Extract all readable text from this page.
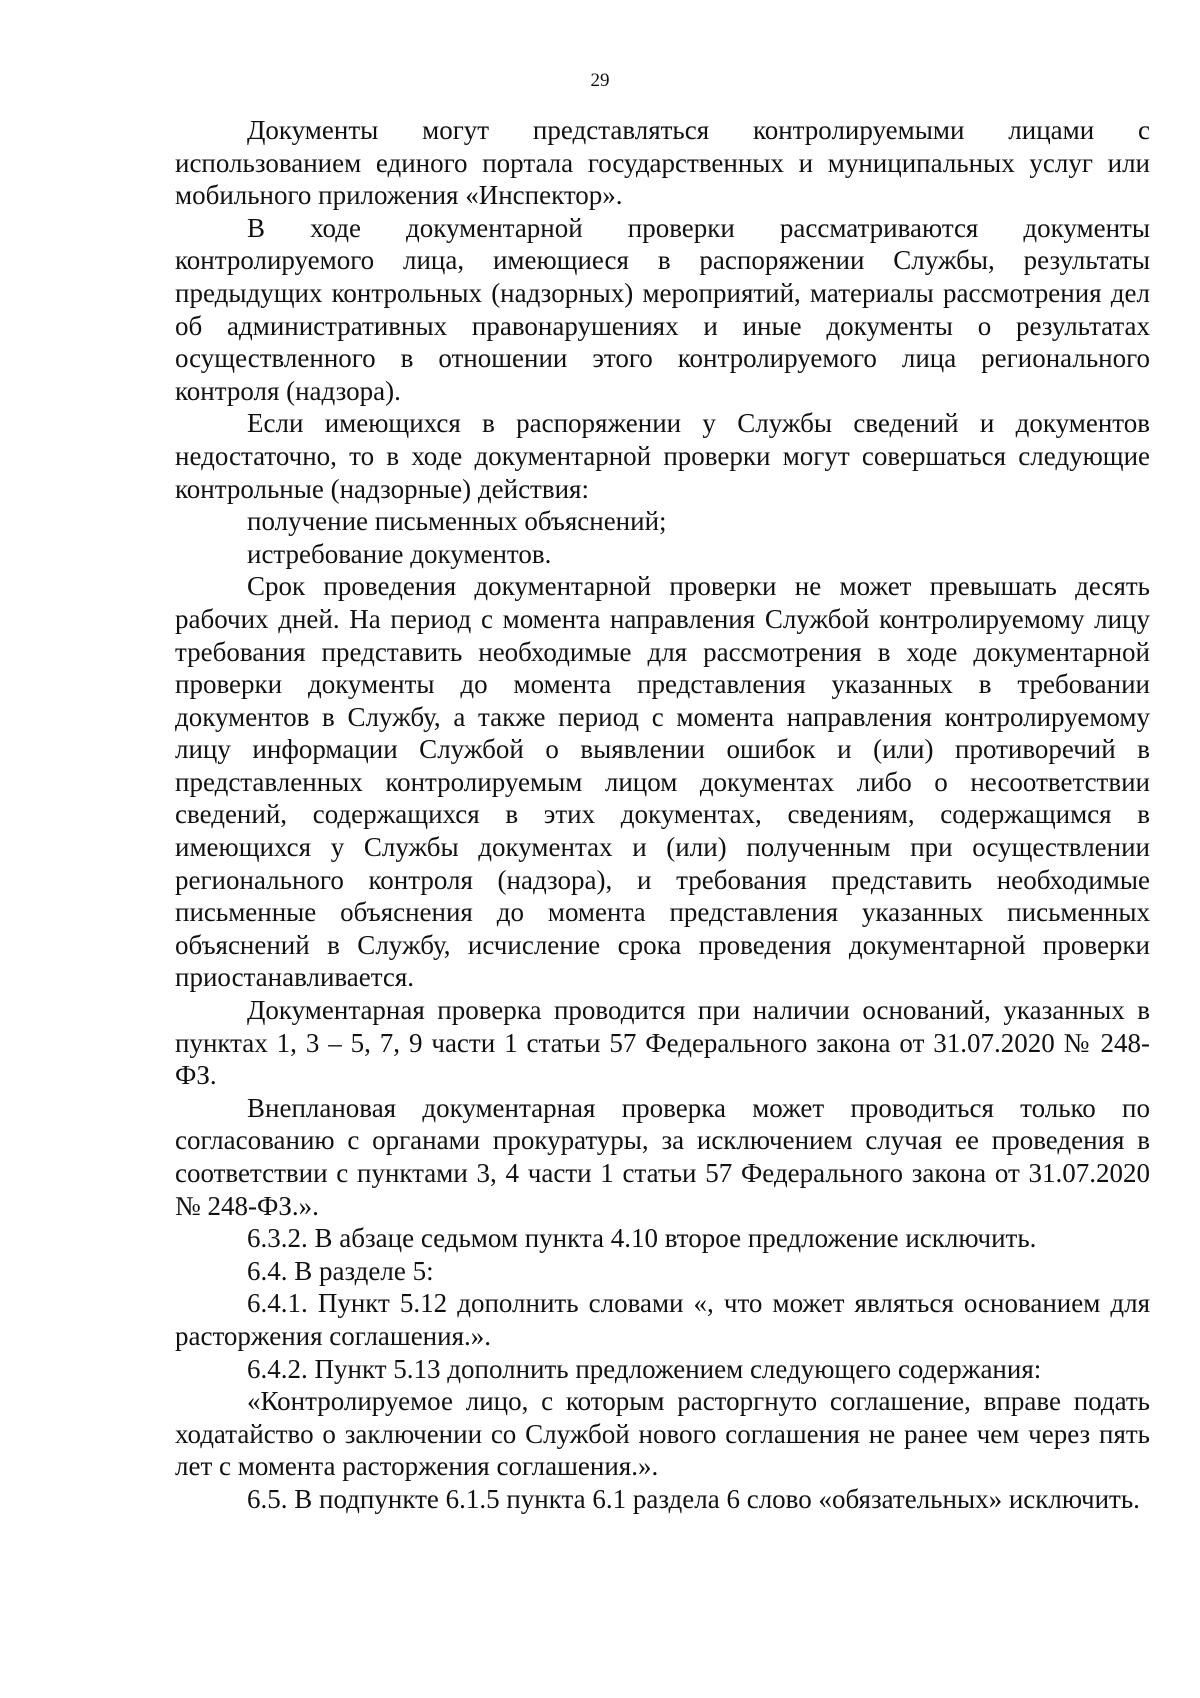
29

Документы могут представляться контролируемыми лицами с использованием единого портала государственных и муниципальных услуг или мобильного приложения «Инспектор».

В ходе документарной проверки рассматриваются документы контролируемого лица, имеющиеся в распоряжении Службы, результаты предыдущих контрольных (надзорных) мероприятий, материалы рассмотрения дел об административных правонарушениях и иные документы о результатах осуществленного в отношении этого контролируемого лица регионального контроля (надзора).

Если имеющихся в распоряжении у Службы сведений и документов недостаточно, то в ходе документарной проверки могут совершаться следующие контрольные (надзорные) действия:

получение письменных объяснений;

истребование документов.

Срок проведения документарной проверки не может превышать десять рабочих дней. На период с момента направления Службой контролируемому лицу требования представить необходимые для рассмотрения в ходе документарной проверки документы до момента представления указанных в требовании документов в Службу, а также период с момента направления контролируемому лицу информации Службой о выявлении ошибок и (или) противоречий в представленных контролируемым лицом документах либо о несоответствии сведений, содержащихся в этих документах, сведениям, содержащимся в имеющихся у Службы документах и (или) полученным при осуществлении регионального контроля (надзора), и требования представить необходимые письменные объяснения до момента представления указанных письменных объяснений в Службу, исчисление срока проведения документарной проверки приостанавливается.

Документарная проверка проводится при наличии оснований, указанных в пунктах 1, 3 – 5, 7, 9 части 1 статьи 57 Федерального закона от 31.07.2020 № 248-ФЗ.

Внеплановая документарная проверка может проводиться только по согласованию с органами прокуратуры, за исключением случая ее проведения в соответствии с пунктами 3, 4 части 1 статьи 57 Федерального закона от 31.07.2020 № 248-ФЗ.».

6.3.2. В абзаце седьмом пункта 4.10 второе предложение исключить.

6.4. В разделе 5:

6.4.1. Пункт 5.12 дополнить словами «, что может являться основанием для расторжения соглашения.».

6.4.2. Пункт 5.13 дополнить предложением следующего содержания:

«Контролируемое лицо, с которым расторгнуто соглашение, вправе подать ходатайство о заключении со Службой нового соглашения не ранее чем через пять лет с момента расторжения соглашения.».

6.5. В подпункте 6.1.5 пункта 6.1 раздела 6 слово «обязательных» исключить.
